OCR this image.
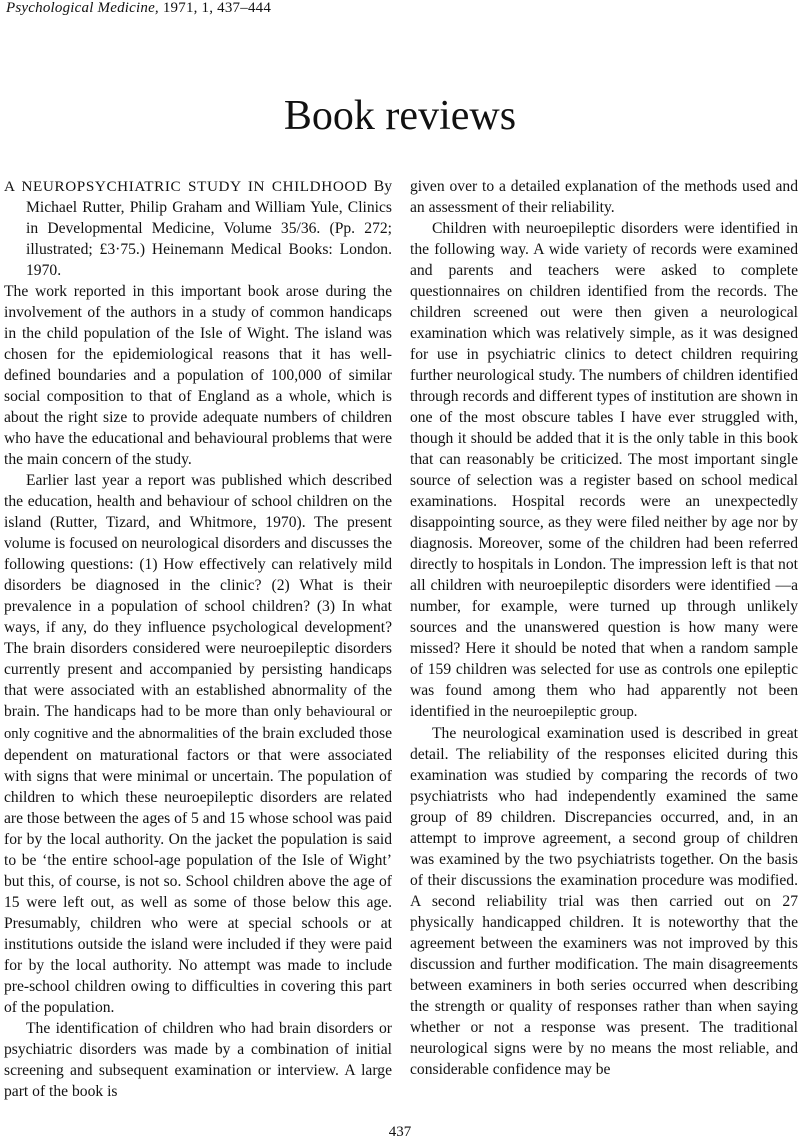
Psychological Medicine, 1971, 1, 437–444
Book reviews

A NEUROPSYCHIATRIC STUDY IN CHILDHOOD By Michael Rutter, Philip Graham and William Yule, Clinics in Developmental Medicine, Volume 35/36. (Pp. 272; illustrated; £3·75.) Heinemann Medical Books: London. 1970.

The work reported in this important book arose during the involvement of the authors in a study of common handicaps in the child population of the Isle of Wight. The island was chosen for the epidemiological reasons that it has well-defined boundaries and a population of 100,000 of similar social composition to that of England as a whole, which is about the right size to provide adequate numbers of children who have the educational and behavioural problems that were the main concern of the study.

Earlier last year a report was published which described the education, health and behaviour of school children on the island (Rutter, Tizard, and Whitmore, 1970). The present volume is focused on neurological disorders and discusses the following questions: (1) How effectively can relatively mild disorders be diagnosed in the clinic? (2) What is their prevalence in a population of school children? (3) In what ways, if any, do they influence psychological development? The brain disorders considered were neuroepileptic disorders currently present and accompanied by persisting handicaps that were associated with an established abnormality of the brain. The handicaps had to be more than only behavioural or only cognitive and the abnormalities of the brain excluded those dependent on maturational factors or that were associated with signs that were minimal or uncertain. The population of children to which these neuroepileptic disorders are related are those between the ages of 5 and 15 whose school was paid for by the local authority. On the jacket the population is said to be ‘the entire school-age population of the Isle of Wight’ but this, of course, is not so. School children above the age of 15 were left out, as well as some of those below this age. Presumably, children who were at special schools or at institutions outside the island were included if they were paid for by the local authority. No attempt was made to include pre-school children owing to difficulties in covering this part of the population.

The identification of children who had brain disorders or psychiatric disorders was made by a combination of initial screening and subsequent examination or interview. A large part of the book is

given over to a detailed explanation of the methods used and an assessment of their reliability.

Children with neuroepileptic disorders were identified in the following way. A wide variety of records were examined and parents and teachers were asked to complete questionnaires on children identified from the records. The children screened out were then given a neurological examination which was relatively simple, as it was designed for use in psychiatric clinics to detect children requiring further neurological study. The numbers of children identified through records and different types of institution are shown in one of the most obscure tables I have ever struggled with, though it should be added that it is the only table in this book that can reasonably be criticized. The most important single source of selection was a register based on school medical examinations. Hospital records were an unexpectedly disappointing source, as they were filed neither by age nor by diagnosis. Moreover, some of the children had been referred directly to hospitals in London. The impression left is that not all children with neuroepileptic disorders were identified —a number, for example, were turned up through unlikely sources and the unanswered question is how many were missed? Here it should be noted that when a random sample of 159 children was selected for use as controls one epileptic was found among them who had apparently not been identified in the neuroepileptic group.

The neurological examination used is described in great detail. The reliability of the responses elicited during this examination was studied by comparing the records of two psychiatrists who had independently examined the same group of 89 children. Discrepancies occurred, and, in an attempt to improve agreement, a second group of children was examined by the two psychiatrists together. On the basis of their discussions the examination procedure was modified. A second reliability trial was then carried out on 27 physically handicapped children. It is noteworthy that the agreement between the examiners was not improved by this discussion and further modification. The main disagreements between examiners in both series occurred when describing the strength or quality of responses rather than when saying whether or not a response was present. The traditional neurological signs were by no means the most reliable, and considerable confidence may be

437
